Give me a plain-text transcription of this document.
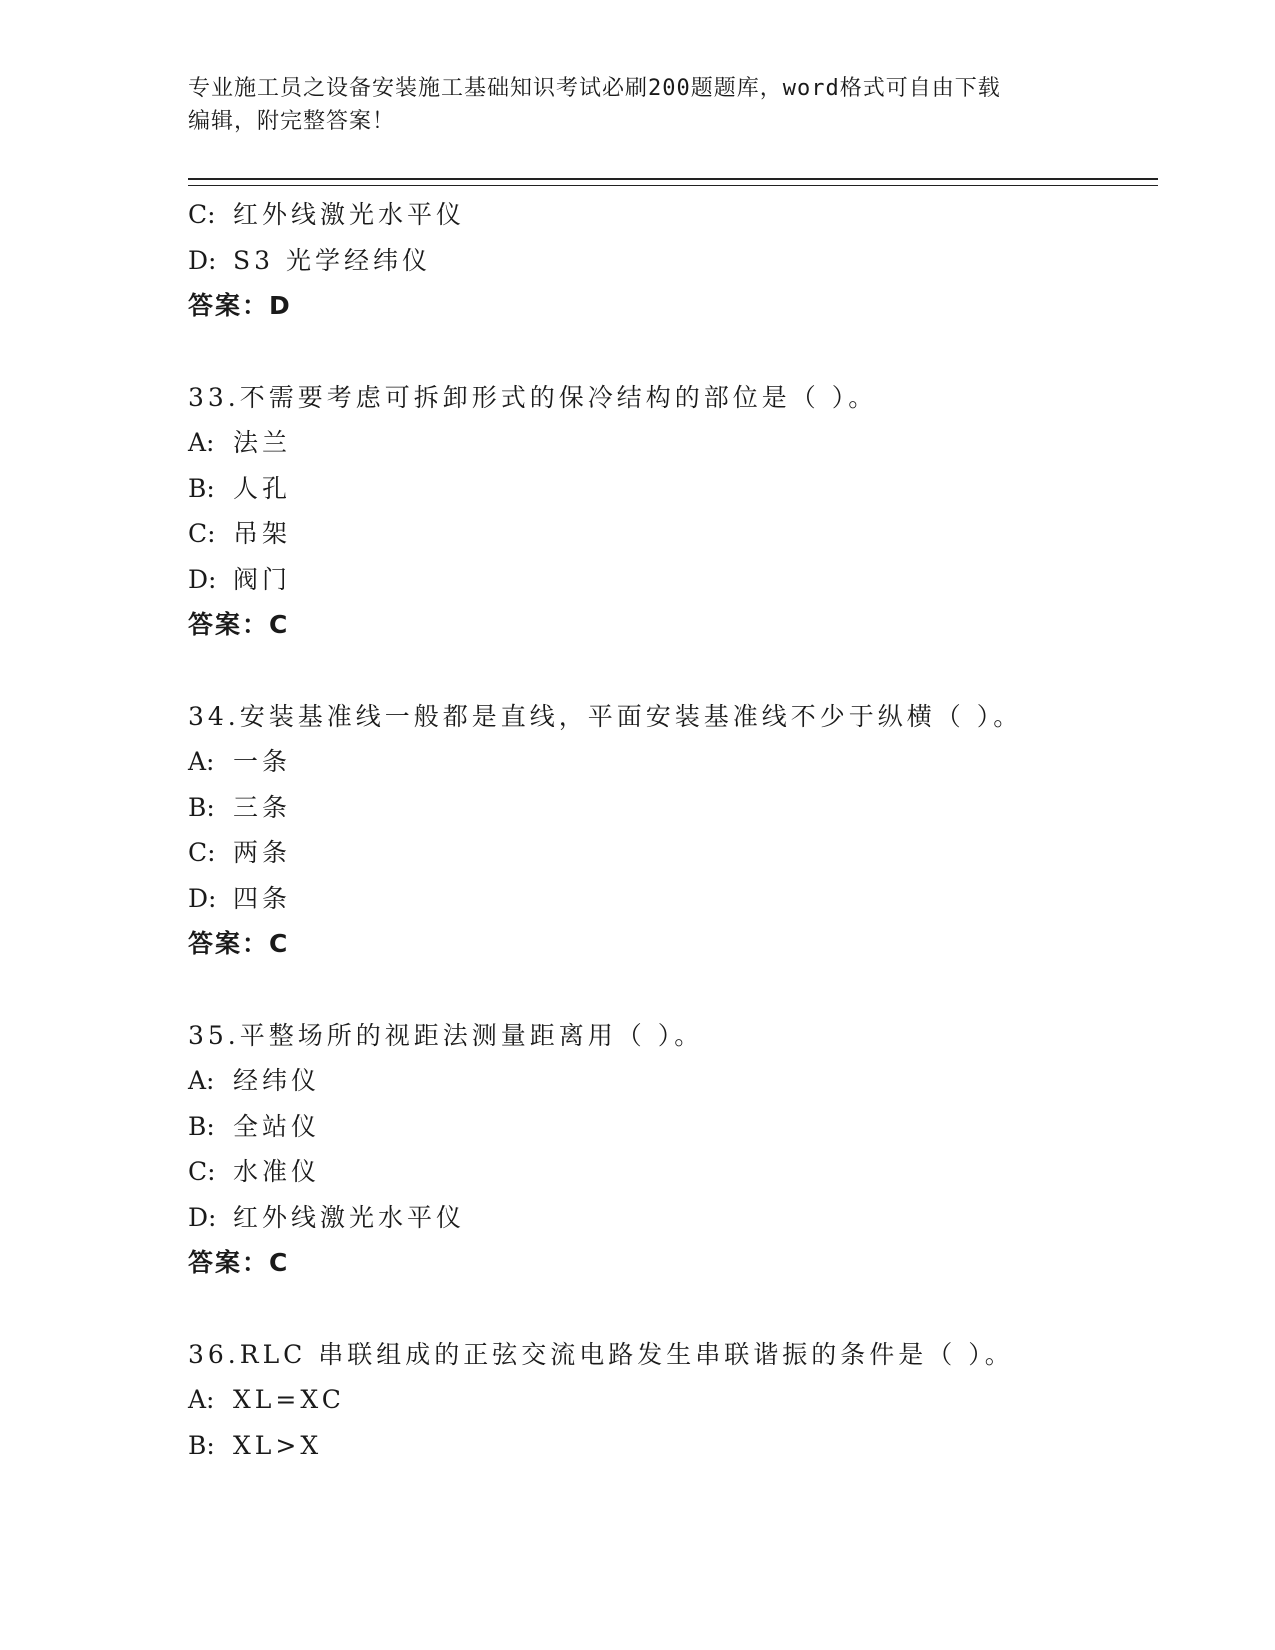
专业施工员之设备安装施工基础知识考试必刷200题题库，word格式可自由下载
编辑，附完整答案！
C: 红外线激光水平仪
D: S3 光学经纬仪
答案：D
33.不需要考虑可拆卸形式的保冷结构的部位是（ ）。
A: 法兰
B: 人孔
C: 吊架
D: 阀门
答案：C
34.安装基准线一般都是直线，平面安装基准线不少于纵横（ ）。
A: 一条
B: 三条
C: 两条
D: 四条
答案：C
35.平整场所的视距法测量距离用（ ）。
A: 经纬仪
B: 全站仪
C: 水准仪
D: 红外线激光水平仪
答案：C
36.RLC 串联组成的正弦交流电路发生串联谐振的条件是（ ）。
A: XL=XC
B: XL>X
